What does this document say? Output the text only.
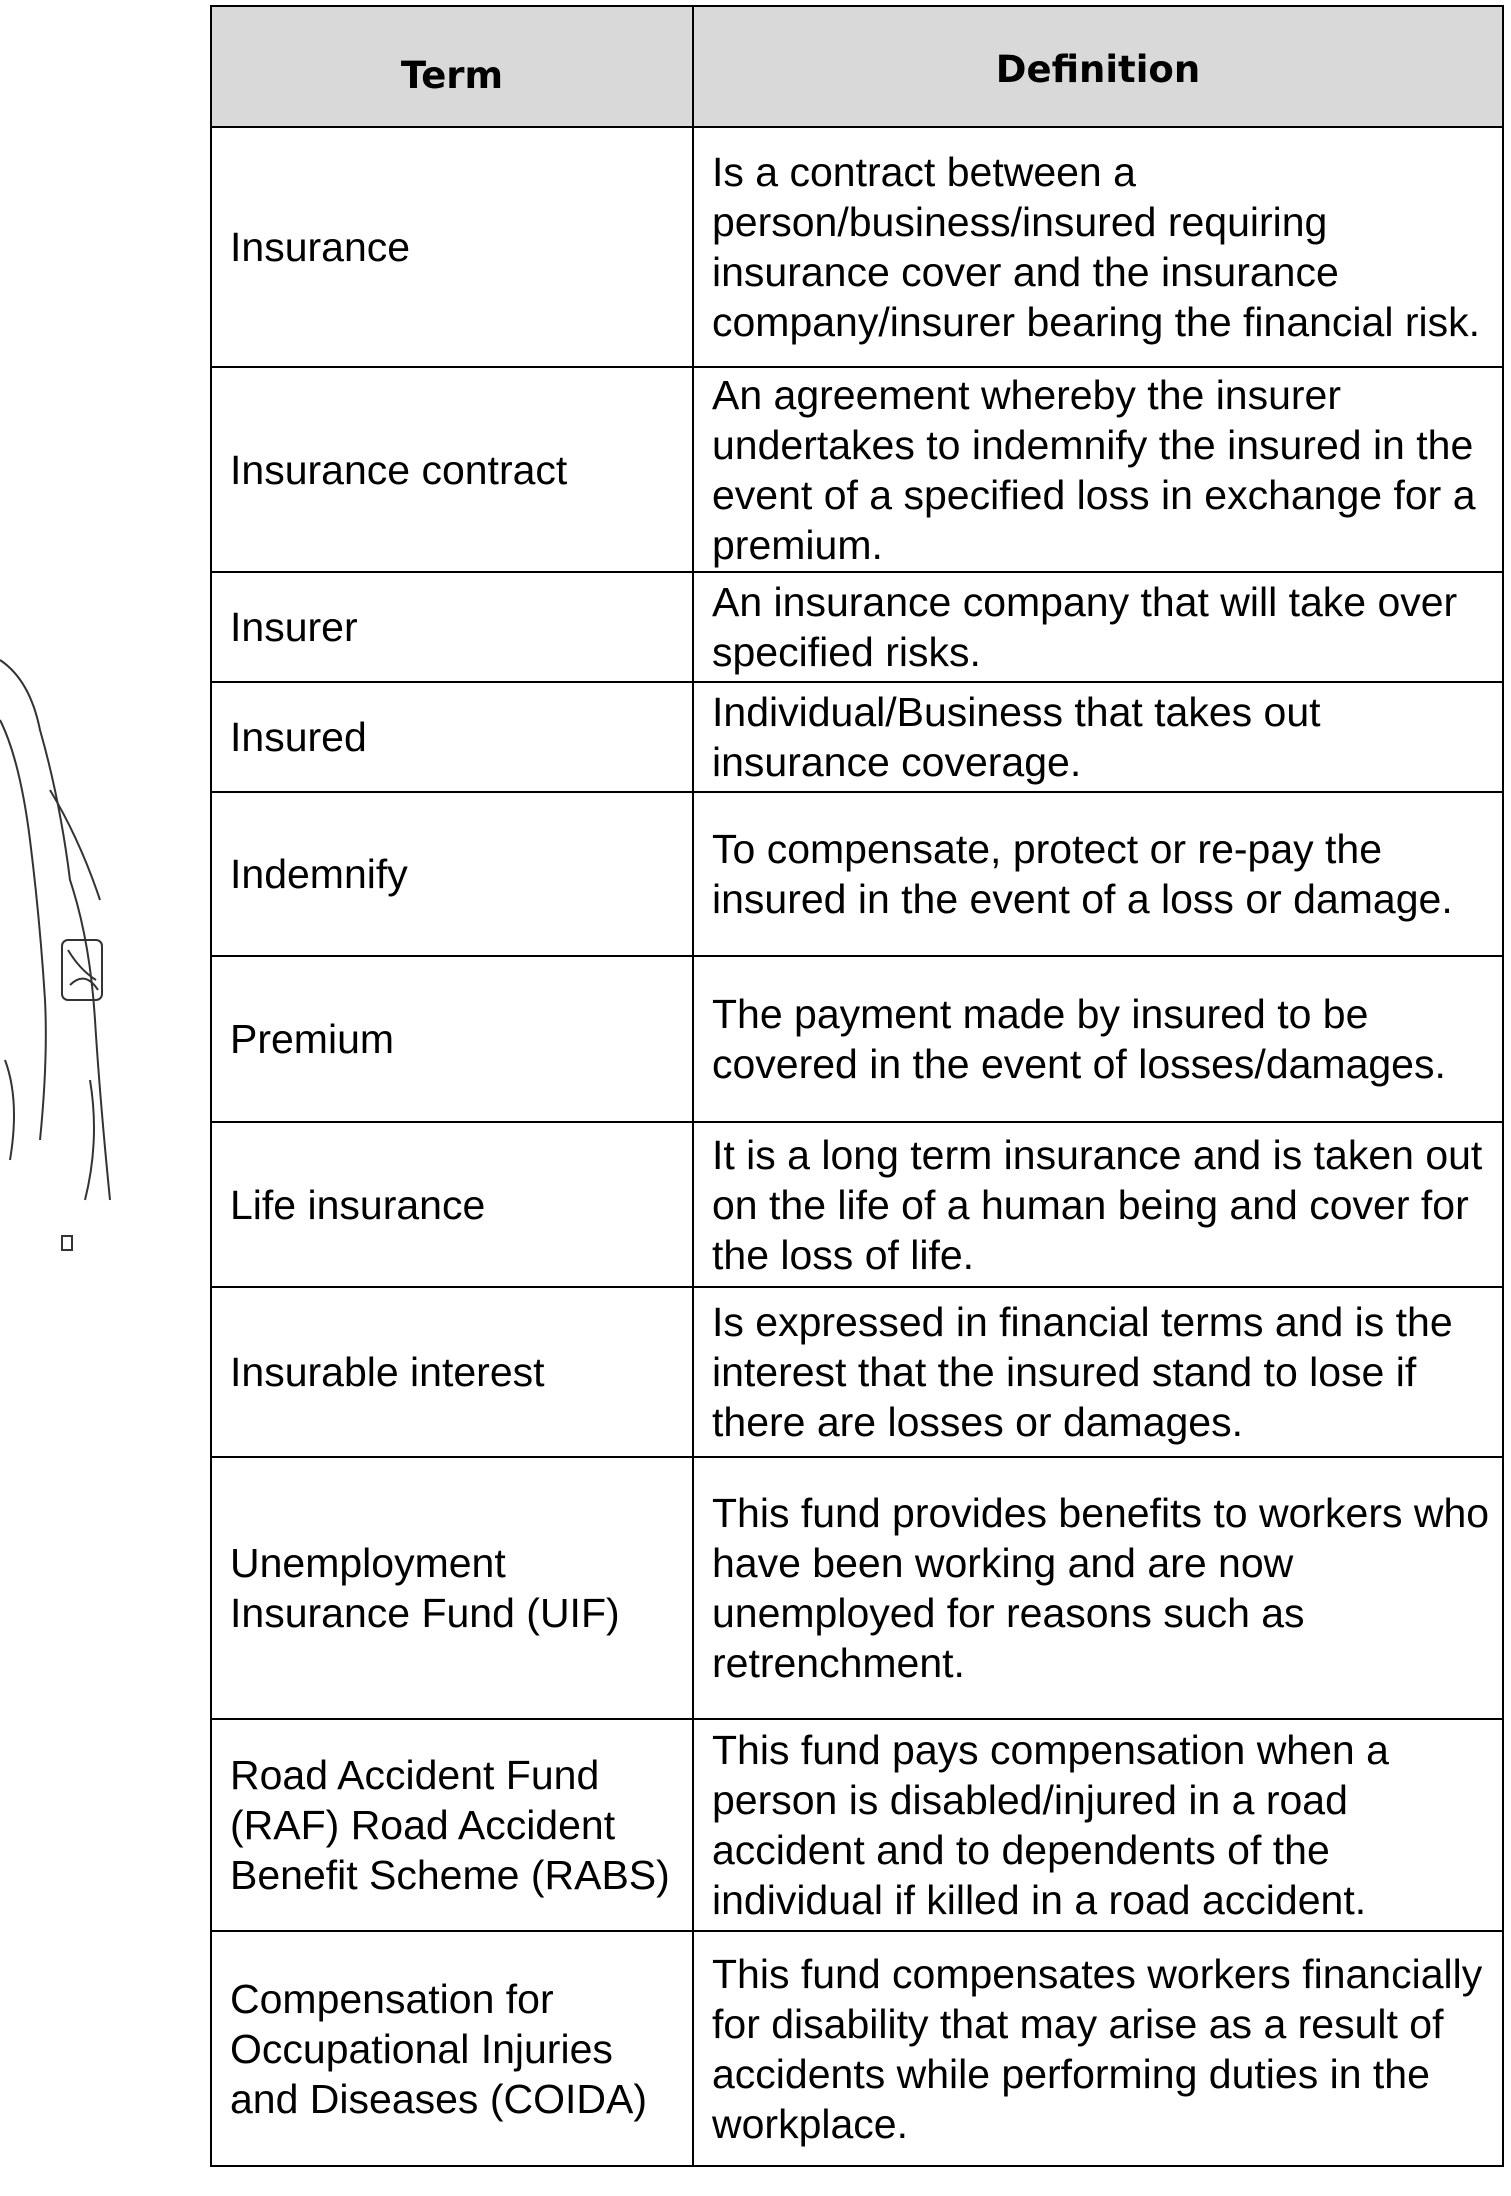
Term	Definition
Insurance	Is a contract between a person/business/insured requiring insurance cover and the insurance company/insurer bearing the financial risk.
Insurance contract	An agreement whereby the insurer undertakes to indemnify the insured in the event of a specified loss in exchange for a premium.
Insurer	An insurance company that will take over specified risks.
Insured	Individual/Business that takes out insurance coverage.
Indemnify	To compensate, protect or re-pay the insured in the event of a loss or damage.
Premium	The payment made by insured to be covered in the event of losses/damages.
Life insurance	It is a long term insurance and is taken out on the life of a human being and cover for the loss of life.
Insurable interest	Is expressed in financial terms and is the interest that the insured stand to lose if there are losses or damages.
Unemployment Insurance Fund (UIF)	This fund provides benefits to workers who have been working and are now unemployed for reasons such as retrenchment.
Road Accident Fund (RAF) Road Accident Benefit Scheme (RABS)	This fund pays compensation when a person is disabled/injured in a road accident and to dependents of the individual if killed in a road accident.
Compensation for Occupational Injuries and Diseases (COIDA)	This fund compensates workers financially for disability that may arise as a result of accidents while performing duties in the workplace.
